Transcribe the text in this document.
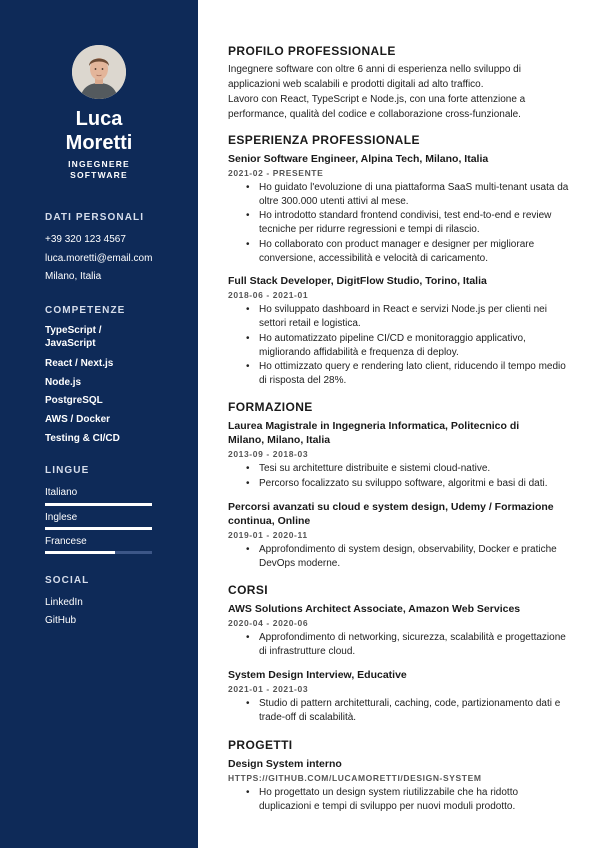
Luca
Moretti
INGEGNERE
SOFTWARE
DATI PERSONALI
+39 320 123 4567
luca.moretti@email.com
Milano, Italia
COMPETENZE
TypeScript / JavaScript
React / Next.js
Node.js
PostgreSQL
AWS / Docker
Testing & CI/CD
LINGUE
Italiano
Inglese
Francese
SOCIAL
LinkedIn
GitHub
PROFILO PROFESSIONALE
Ingegnere software con oltre 6 anni di esperienza nello sviluppo di applicazioni web scalabili e prodotti digitali ad alto traffico.
Lavoro con React, TypeScript e Node.js, con una forte attenzione a performance, qualità del codice e collaborazione cross-funzionale.
ESPERIENZA PROFESSIONALE
Senior Software Engineer, Alpina Tech, Milano, Italia
2021-02 - PRESENTE
• Ho guidato l'evoluzione di una piattaforma SaaS multi-tenant usata da oltre 300.000 utenti attivi al mese.
• Ho introdotto standard frontend condivisi, test end-to-end e review tecniche per ridurre regressioni e tempi di rilascio.
• Ho collaborato con product manager e designer per migliorare conversione, accessibilità e velocità di caricamento.
Full Stack Developer, DigitFlow Studio, Torino, Italia
2018-06 - 2021-01
• Ho sviluppato dashboard in React e servizi Node.js per clienti nei settori retail e logistica.
• Ho automatizzato pipeline CI/CD e monitoraggio applicativo, migliorando affidabilità e frequenza di deploy.
• Ho ottimizzato query e rendering lato client, riducendo il tempo medio di risposta del 28%.
FORMAZIONE
Laurea Magistrale in Ingegneria Informatica, Politecnico di
Milano, Milano, Italia
2013-09 - 2018-03
• Tesi su architetture distribuite e sistemi cloud-native.
• Percorso focalizzato su sviluppo software, algoritmi e basi di dati.
Percorsi avanzati su cloud e system design, Udemy / Formazione
continua, Online
2019-01 - 2020-11
• Approfondimento di system design, observability, Docker e pratiche DevOps moderne.
CORSI
AWS Solutions Architect Associate, Amazon Web Services
2020-04 - 2020-06
• Approfondimento di networking, sicurezza, scalabilità e progettazione di infrastrutture cloud.
System Design Interview, Educative
2021-01 - 2021-03
• Studio di pattern architetturali, caching, code, partizionamento dati e trade-off di scalabilità.
PROGETTI
Design System interno
HTTPS://GITHUB.COM/LUCAMORETTI/DESIGN-SYSTEM
• Ho progettato un design system riutilizzabile che ha ridotto duplicazioni e tempi di sviluppo per nuovi moduli prodotto.
